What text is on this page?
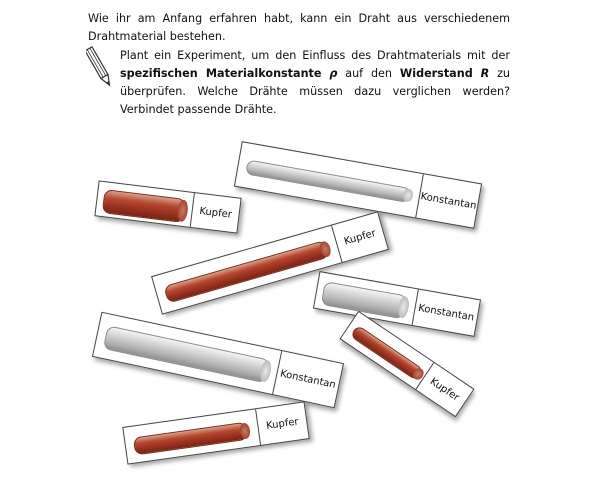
Wie ihr am Anfang erfahren habt, kann ein Draht aus verschiedenem Drahtmaterial bestehen.
Plant ein Experiment, um den Einfluss des Drahtmaterials mit der spezifischen Materialkonstante ρ auf den Widerstand R zu überprüfen. Welche Drähte müssen dazu verglichen werden? Verbindet passende Drähte.
Konstantan
Kupfer
Kupfer
Konstantan
Konstantan	Kupfer
Kupfer
